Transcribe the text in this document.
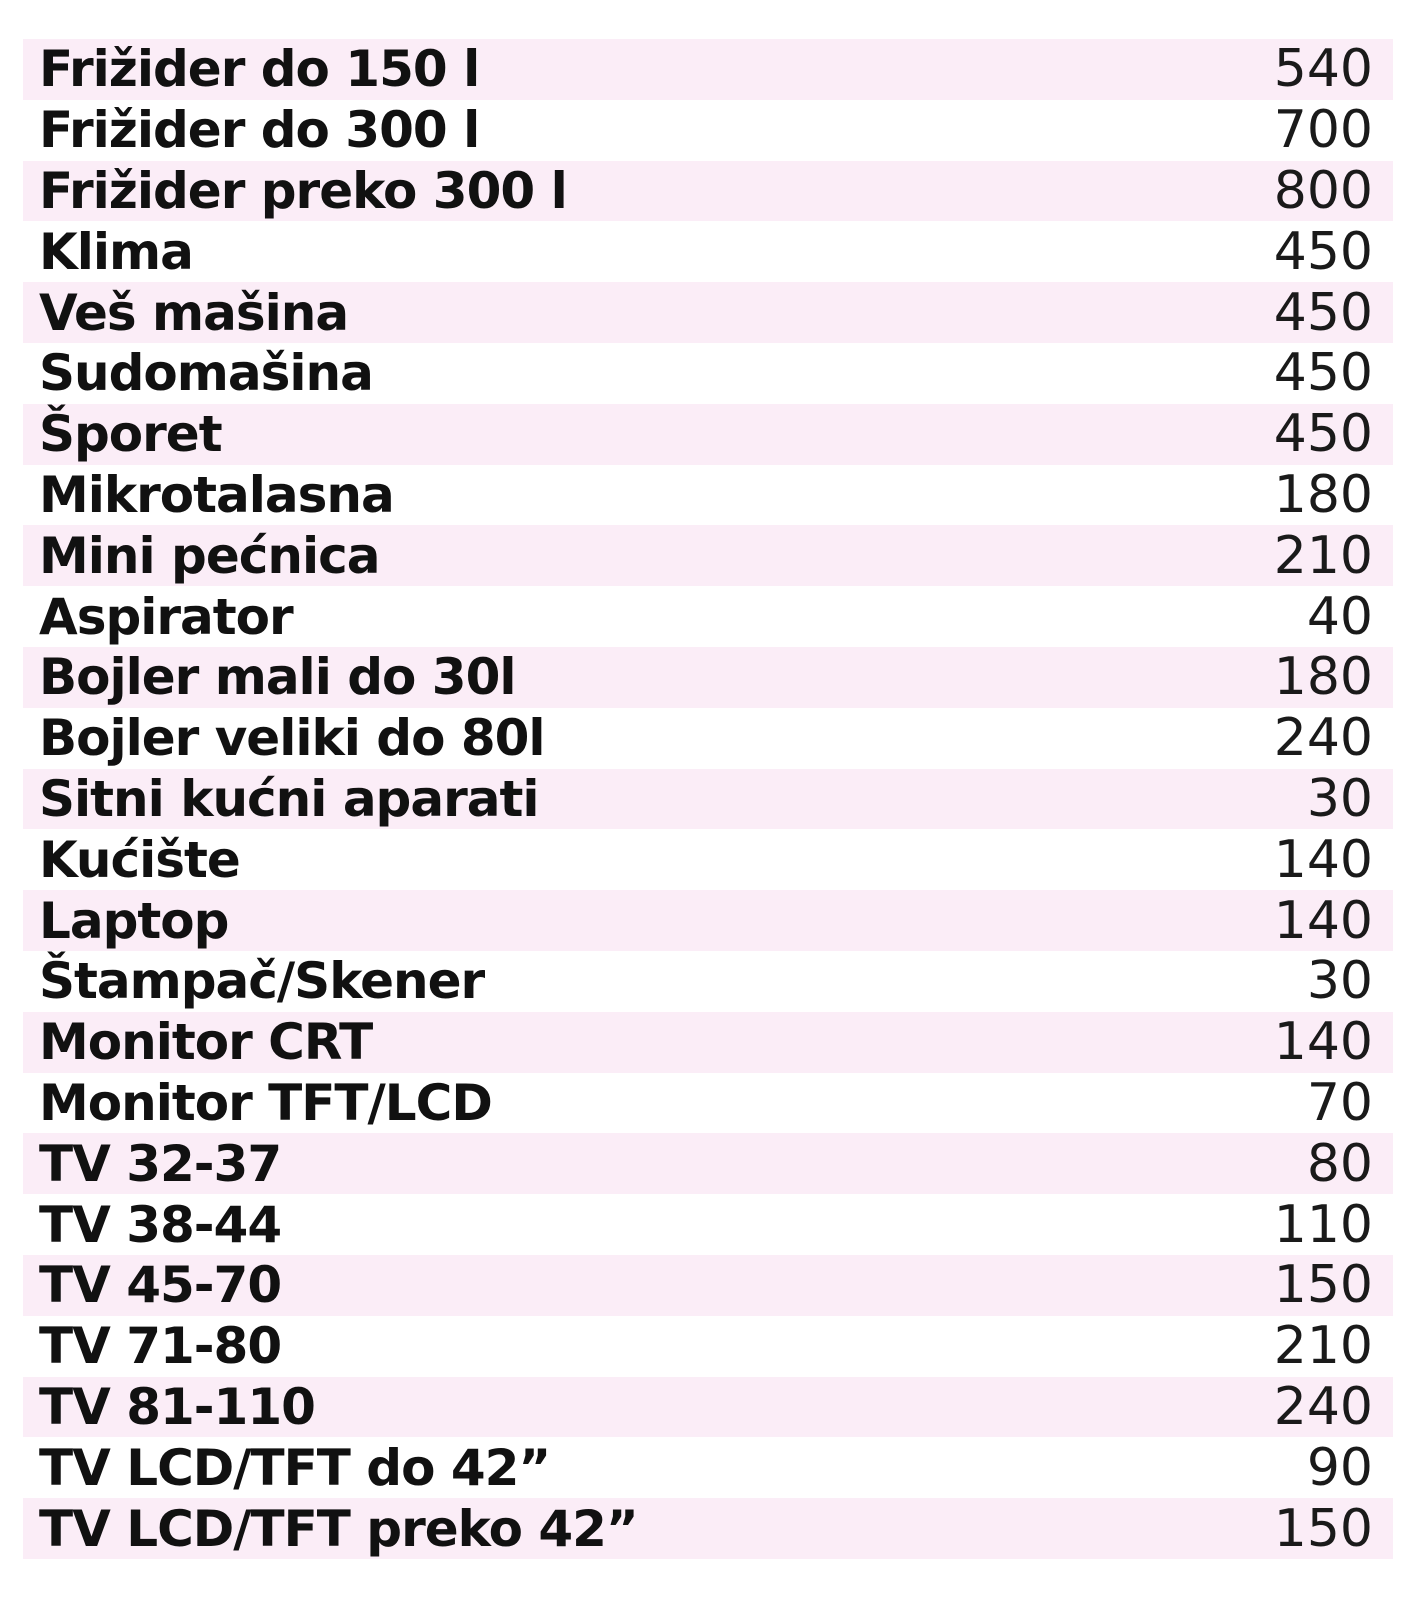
Frižider do 150 l	540
Frižider do 300 l	700
Frižider preko 300 l	800
Klima	450
Veš mašina	450
Sudomašina	450
Šporet	450
Mikrotalasna	180
Mini pećnica	210
Aspirator	40
Bojler mali do 30l	180
Bojler veliki do 80l	240
Sitni kućni aparati	30
Kućište	140
Laptop	140
Štampač/Skener	30
Monitor CRT	140
Monitor TFT/LCD	70
TV 32-37	80
TV 38-44	110
TV 45-70	150
TV 71-80	210
TV 81-110	240
TV LCD/TFT do 42”	90
TV LCD/TFT preko 42”	150
